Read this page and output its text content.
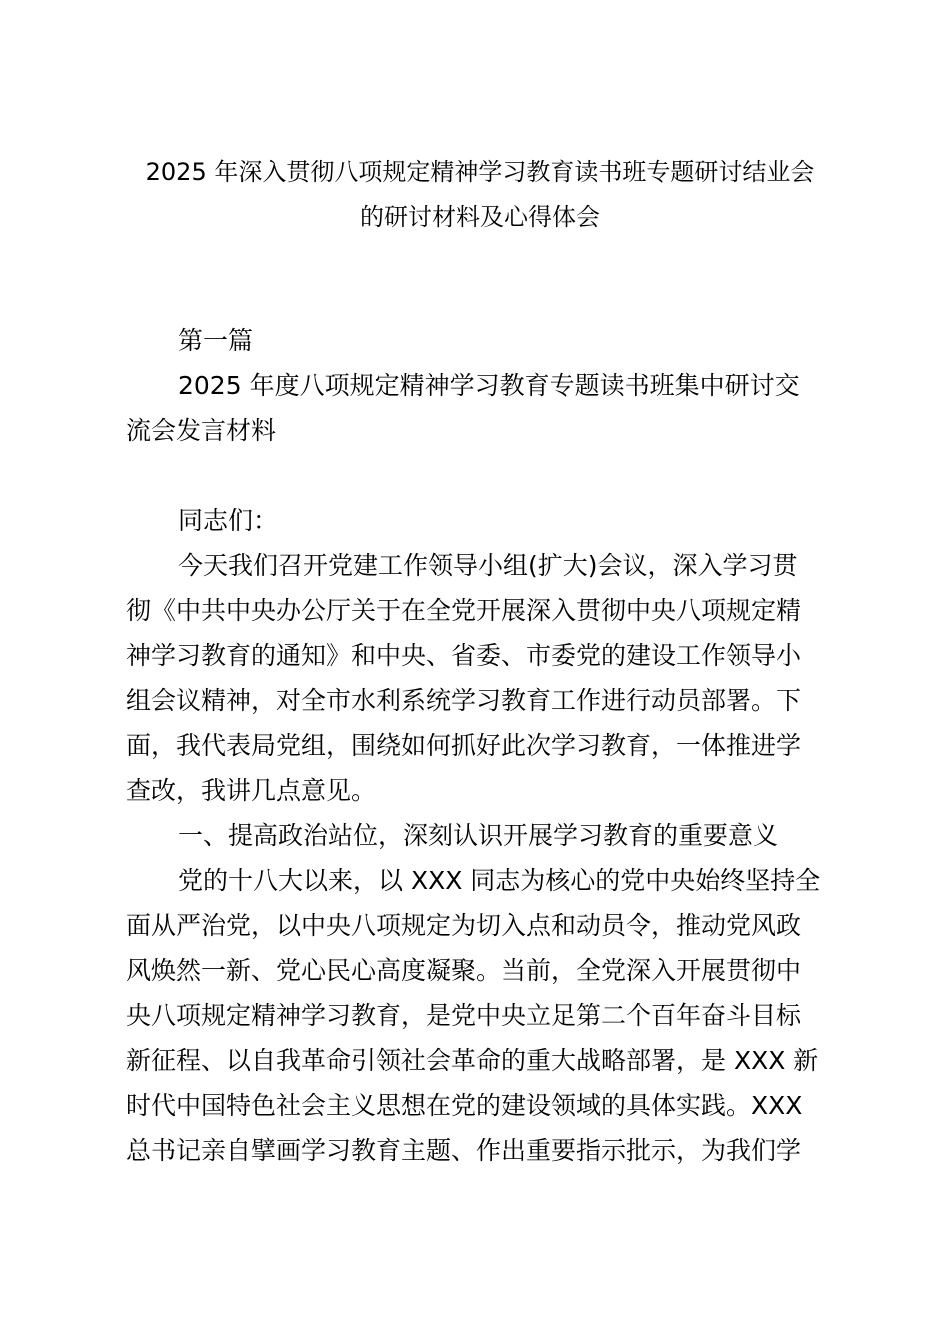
2025 年深入贯彻八项规定精神学习教育读书班专题研讨结业会
的研讨材料及心得体会
第一篇
2025 年度八项规定精神学习教育专题读书班集中研讨交
流会发言材料
同志们：
今天我们召开党建工作领导小组(扩大)会议，深入学习贯
彻《中共中央办公厅关于在全党开展深入贯彻中央八项规定精
神学习教育的通知》和中央、省委、市委党的建设工作领导小
组会议精神，对全市水利系统学习教育工作进行动员部署。下
面，我代表局党组，围绕如何抓好此次学习教育，一体推进学
查改，我讲几点意见。
一、提高政治站位，深刻认识开展学习教育的重要意义
党的十八大以来，以 XXX 同志为核心的党中央始终坚持全
面从严治党，以中央八项规定为切入点和动员令，推动党风政
风焕然一新、党心民心高度凝聚。当前，全党深入开展贯彻中
央八项规定精神学习教育，是党中央立足第二个百年奋斗目标
新征程、以自我革命引领社会革命的重大战略部署，是 XXX 新
时代中国特色社会主义思想在党的建设领域的具体实践。XXX
总书记亲自擘画学习教育主题、作出重要指示批示，为我们学
